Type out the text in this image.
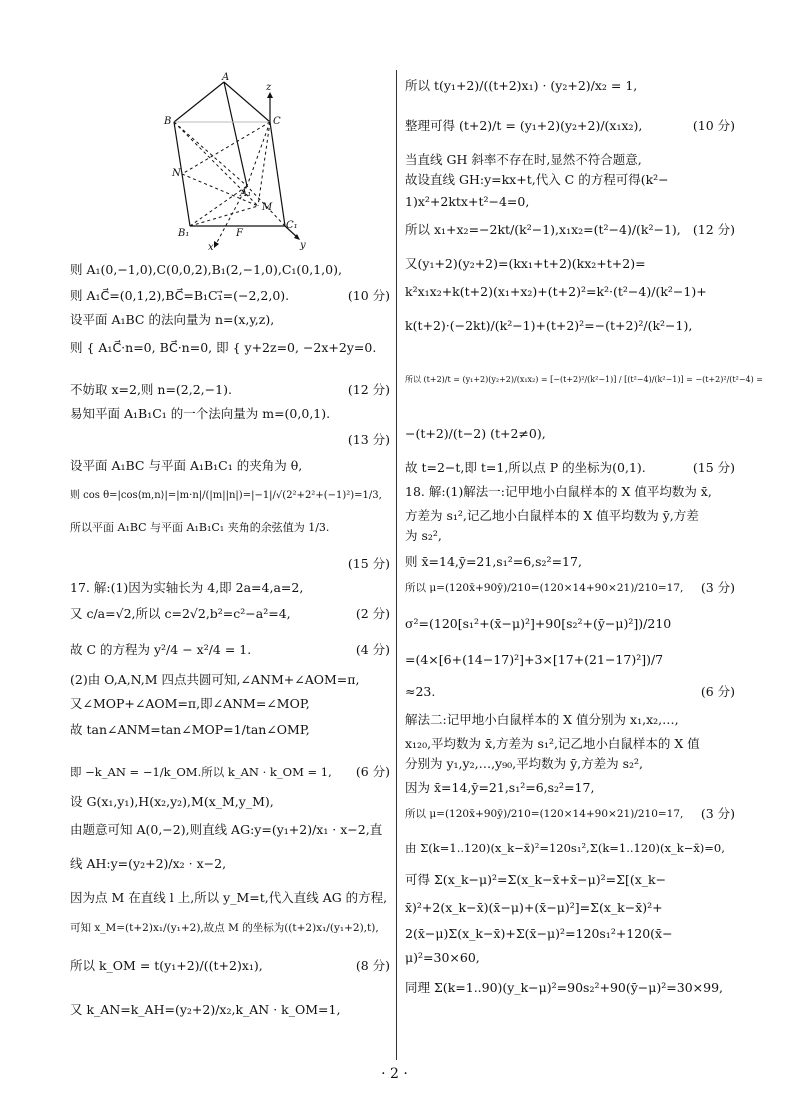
A
B	C
z
N
A₁
M
C₁
B₁	F
x	y
则 A₁(0,−1,0),C(0,0,2),B₁(2,−1,0),C₁(0,1,0),
则 A₁C⃗=(0,1,2),BC⃗=B₁C₁⃗=(−2,2,0).	(10 分)
设平面 A₁BC 的法向量为 n=(x,y,z),
则 { A₁C⃗·n=0, BC⃗·n=0, 即 { y+2z=0, −2x+2y=0.
不妨取 x=2,则 n=(2,2,−1).	(12 分)
易知平面 A₁B₁C₁ 的一个法向量为 m=(0,0,1).
(13 分)
设平面 A₁BC 与平面 A₁B₁C₁ 的夹角为 θ,
则 cos θ=|cos⟨m,n⟩|=|m·n|/(|m||n|)=|−1|/√(2²+2²+(−1)²)=1/3,
所以平面 A₁BC 与平面 A₁B₁C₁ 夹角的余弦值为 1/3.
(15 分)
17. 解:(1)因为实轴长为 4,即 2a=4,a=2,
又 c/a=√2,所以 c=2√2,b²=c²−a²=4,	(2 分)
故 C 的方程为 y²/4 − x²/4 = 1.	(4 分)
(2)由 O,A,N,M 四点共圆可知,∠ANM+∠AOM=π,
又∠MOP+∠AOM=π,即∠ANM=∠MOP,
故 tan∠ANM=tan∠MOP=1/tan∠OMP,
即 −k_AN = −1/k_OM.所以 k_AN · k_OM = 1, (6 分)
设 G(x₁,y₁),H(x₂,y₂),M(x_M,y_M),
由题意可知 A(0,−2),则直线 AG:y=(y₁+2)/x₁ · x−2,直
线 AH:y=(y₂+2)/x₂ · x−2,
因为点 M 在直线 l 上,所以 y_M=t,代入直线 AG 的方程,
可知 x_M=(t+2)x₁/(y₁+2),故点 M 的坐标为((t+2)x₁/(y₁+2),t),
所以 k_OM = t(y₁+2)/((t+2)x₁),	(8 分)
又 k_AN=k_AH=(y₂+2)/x₂,k_AN · k_OM=1,
所以 t(y₁+2)/((t+2)x₁) · (y₂+2)/x₂ = 1,
整理可得 (t+2)/t = (y₁+2)(y₂+2)/(x₁x₂),	(10 分)
当直线 GH 斜率不存在时,显然不符合题意,
故设直线 GH:y=kx+t,代入 C 的方程可得(k²−
1)x²+2ktx+t²−4=0,
所以 x₁+x₂=−2kt/(k²−1),x₁x₂=(t²−4)/(k²−1), (12 分)
又(y₁+2)(y₂+2)=(kx₁+t+2)(kx₂+t+2)=
k²x₁x₂+k(t+2)(x₁+x₂)+(t+2)²=k²·(t²−4)/(k²−1)+
k(t+2)·(−2kt)/(k²−1)+(t+2)²=−(t+2)²/(k²−1),
所以 (t+2)/t = (y₁+2)(y₂+2)/(x₁x₂) = [−(t+2)²/(k²−1)] / [(t²−4)/(k²−1)] = −(t+2)²/(t²−4) =
−(t+2)/(t−2) (t+2≠0),
故 t=2−t,即 t=1,所以点 P 的坐标为(0,1).	(15 分)
18. 解:(1)解法一:记甲地小白鼠样本的 X 值平均数为 x̄,
方差为 s₁²,记乙地小白鼠样本的 X 值平均数为 ȳ,方差
为 s₂²,
则 x̄=14,ȳ=21,s₁²=6,s₂²=17,
所以 μ=(120x̄+90ȳ)/210=(120×14+90×21)/210=17, (3 分)
σ²=(120[s₁²+(x̄−μ)²]+90[s₂²+(ȳ−μ)²])/210
=(4×[6+(14−17)²]+3×[17+(21−17)²])/7
≈23.	(6 分)
解法二:记甲地小白鼠样本的 X 值分别为 x₁,x₂,…,
x₁₂₀,平均数为 x̄,方差为 s₁²,记乙地小白鼠样本的 X 值
分别为 y₁,y₂,…,y₉₀,平均数为 ȳ,方差为 s₂²,
因为 x̄=14,ȳ=21,s₁²=6,s₂²=17,
所以 μ=(120x̄+90ȳ)/210=(120×14+90×21)/210=17, (3 分)
由 Σ(k=1..120)(x_k−x̄)²=120s₁²,Σ(k=1..120)(x_k−x̄)=0,
可得 Σ(x_k−μ)²=Σ(x_k−x̄+x̄−μ)²=Σ[(x_k−
x̄)²+2(x_k−x̄)(x̄−μ)+(x̄−μ)²]=Σ(x_k−x̄)²+
2(x̄−μ)Σ(x_k−x̄)+Σ(x̄−μ)²=120s₁²+120(x̄−
μ)²=30×60,
同理 Σ(k=1..90)(y_k−μ)²=90s₂²+90(ȳ−μ)²=30×99,
· 2 ·
